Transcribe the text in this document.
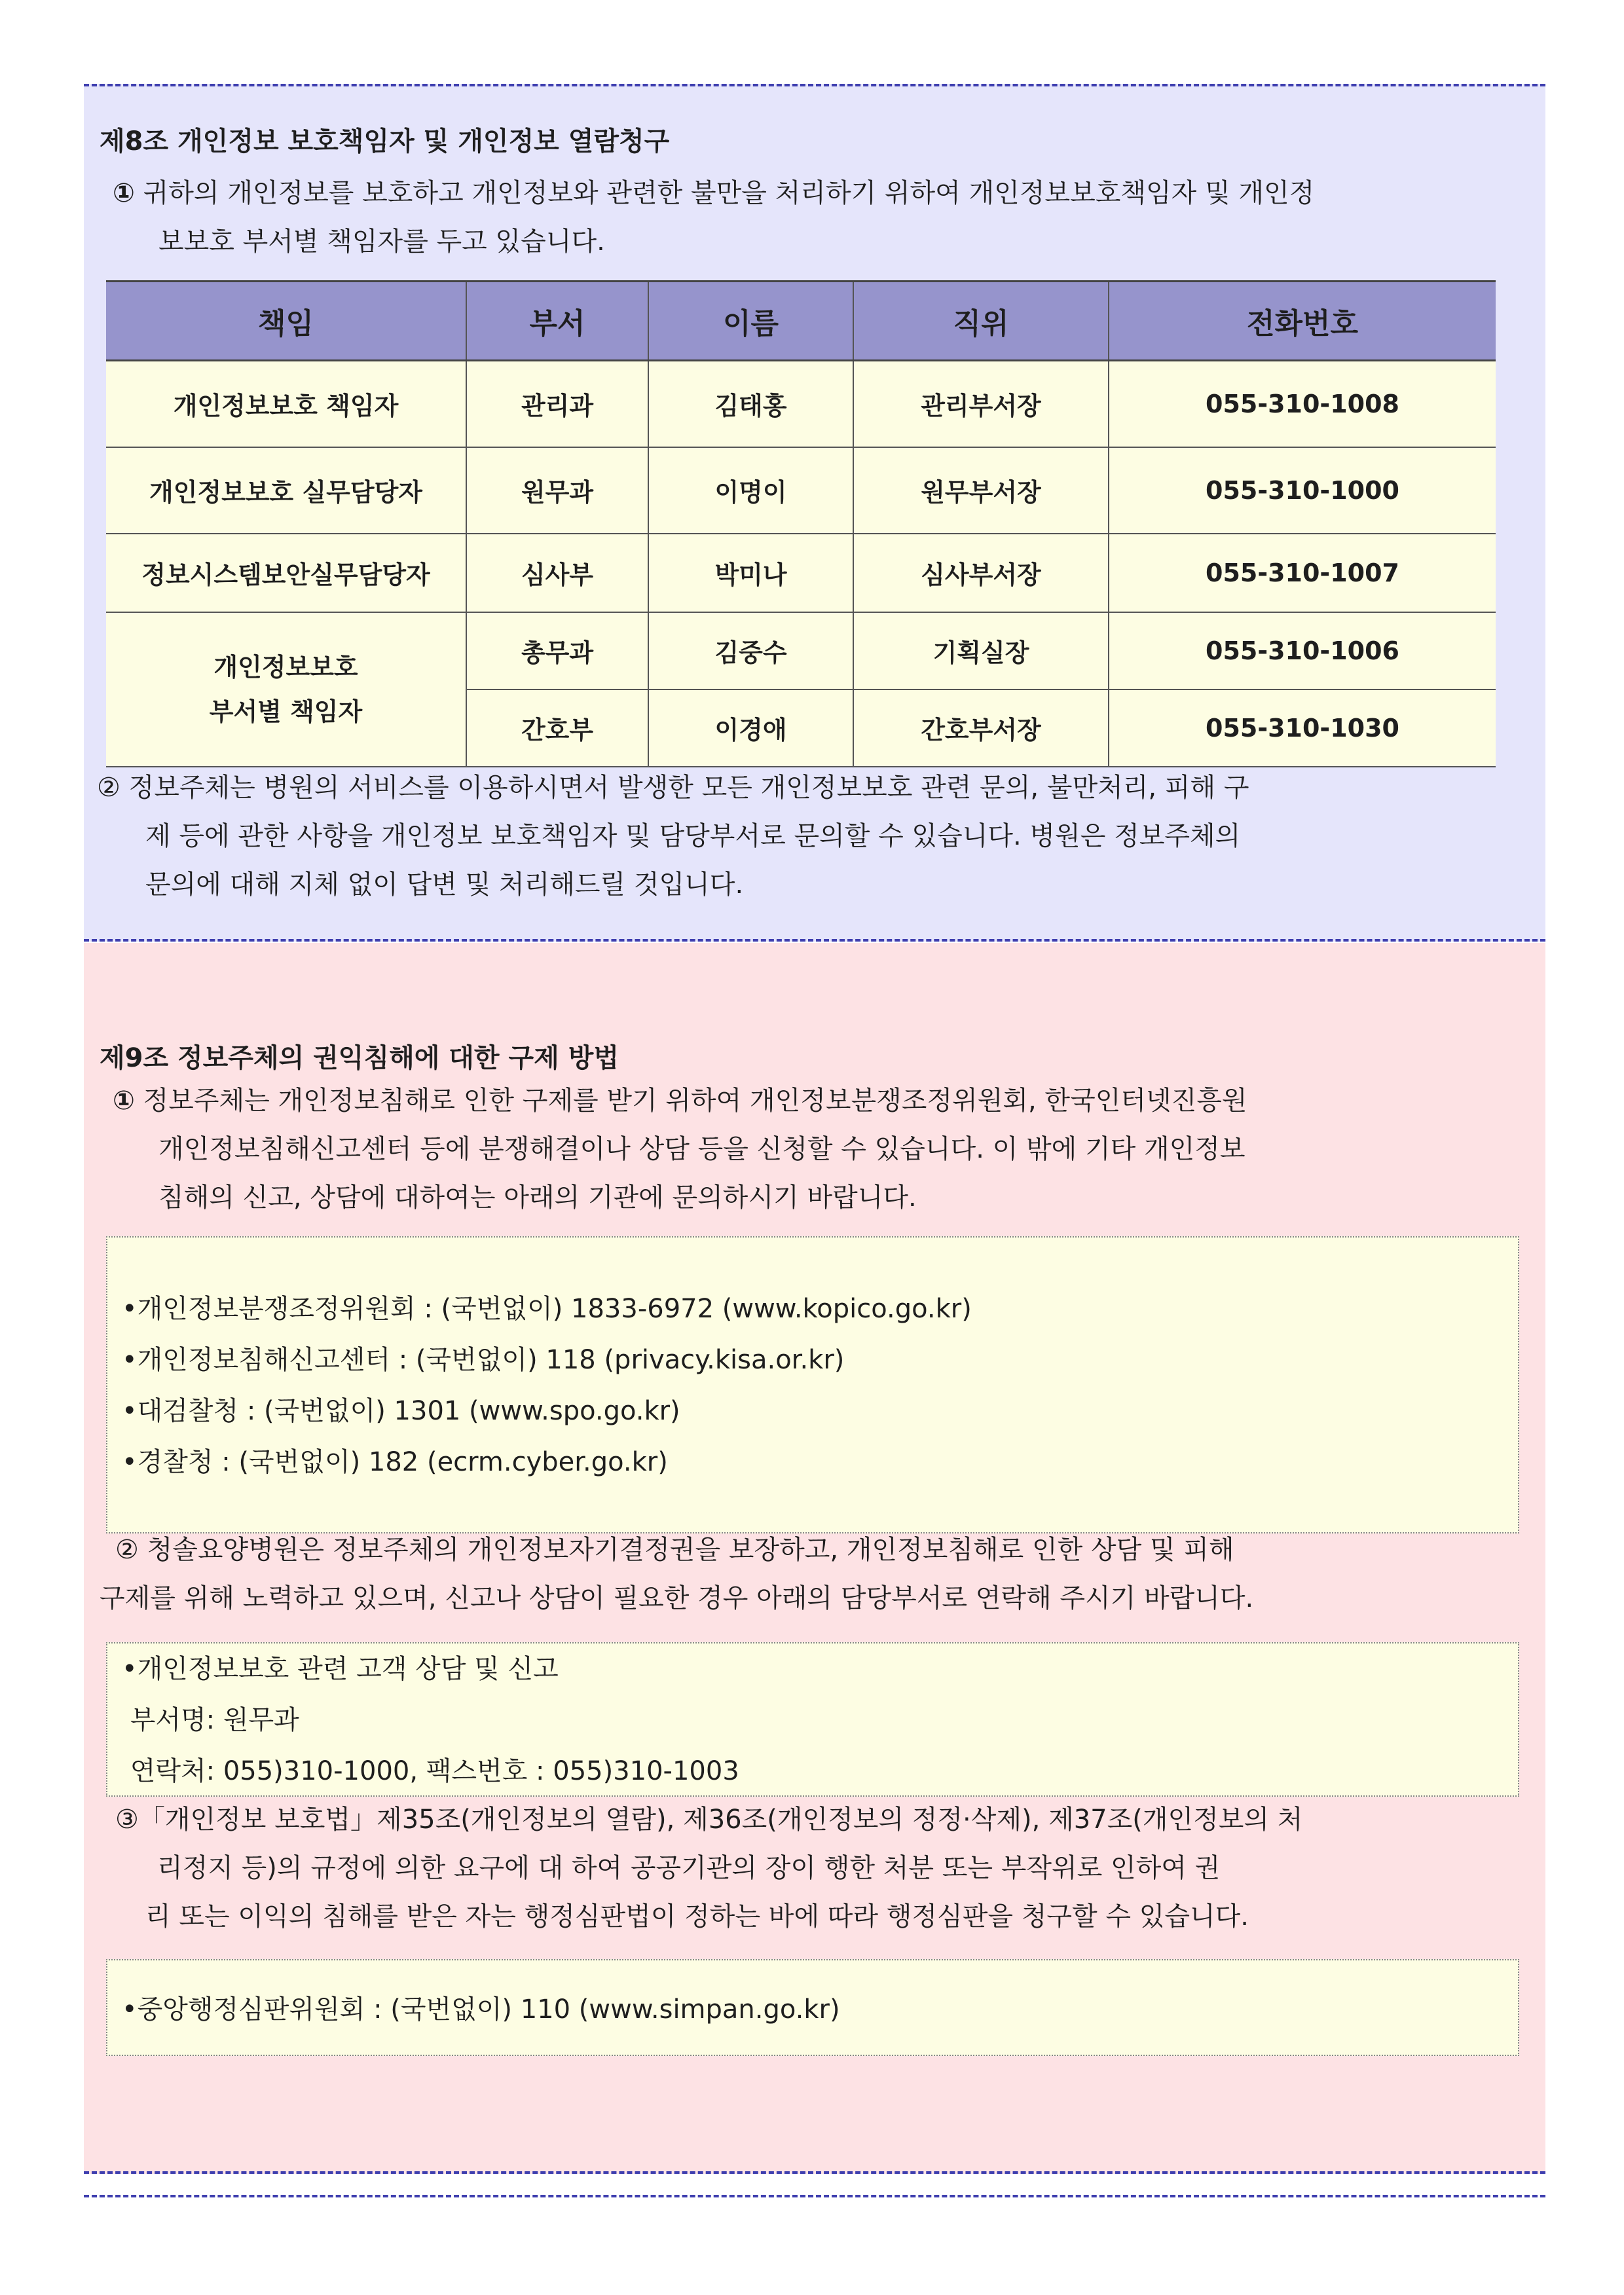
제8조 개인정보 보호책임자 및 개인정보 열람청구
① 귀하의 개인정보를 보호하고 개인정보와 관련한 불만을 처리하기 위하여 개인정보보호책임자 및 개인정
보보호 부서별 책임자를 두고 있습니다.
책임	부서	이름	직위	전화번호
개인정보보호 책임자	관리과	김태홍	관리부서장	055-310-1008
개인정보보호 실무담당자	원무과	이명이	원무부서장	055-310-1000
정보시스템보안실무담당자	심사부	박미나	심사부서장	055-310-1007

개인정보보호
부서별 책임자	총무과	김중수	기획실장	055-310-1006
	간호부	이경애	간호부서장	055-310-1030
② 정보주체는 병원의 서비스를 이용하시면서 발생한 모든 개인정보보호 관련 문의, 불만처리, 피해 구
제 등에 관한 사항을 개인정보 보호책임자 및 담당부서로 문의할 수 있습니다. 병원은 정보주체의
문의에 대해 지체 없이 답변 및 처리해드릴 것입니다.
제9조 정보주체의 권익침해에 대한 구제 방법
① 정보주체는 개인정보침해로 인한 구제를 받기 위하여 개인정보분쟁조정위원회, 한국인터넷진흥원
개인정보침해신고센터 등에 분쟁해결이나 상담 등을 신청할 수 있습니다. 이 밖에 기타 개인정보
침해의 신고, 상담에 대하여는 아래의 기관에 문의하시기 바랍니다.
•개인정보분쟁조정위원회 : (국번없이) 1833-6972 (www.kopico.go.kr)
•개인정보침해신고센터 : (국번없이) 118 (privacy.kisa.or.kr)
•대검찰청 : (국번없이) 1301 (www.spo.go.kr)
•경찰청 : (국번없이) 182 (ecrm.cyber.go.kr)
② 청솔요양병원은 정보주체의 개인정보자기결정권을 보장하고, 개인정보침해로 인한 상담 및 피해
구제를 위해 노력하고 있으며, 신고나 상담이 필요한 경우 아래의 담당부서로 연락해 주시기 바랍니다.
•개인정보보호 관련 고객 상담 및 신고
부서명: 원무과
연락처: 055)310-1000, 팩스번호 : 055)310-1003
③「개인정보 보호법」제35조(개인정보의 열람), 제36조(개인정보의 정정·삭제), 제37조(개인정보의 처
리정지 등)의 규정에 의한 요구에 대 하여 공공기관의 장이 행한 처분 또는 부작위로 인하여 권
리 또는 이익의 침해를 받은 자는 행정심판법이 정하는 바에 따라 행정심판을 청구할 수 있습니다.
•중앙행정심판위원회 : (국번없이) 110 (www.simpan.go.kr)
